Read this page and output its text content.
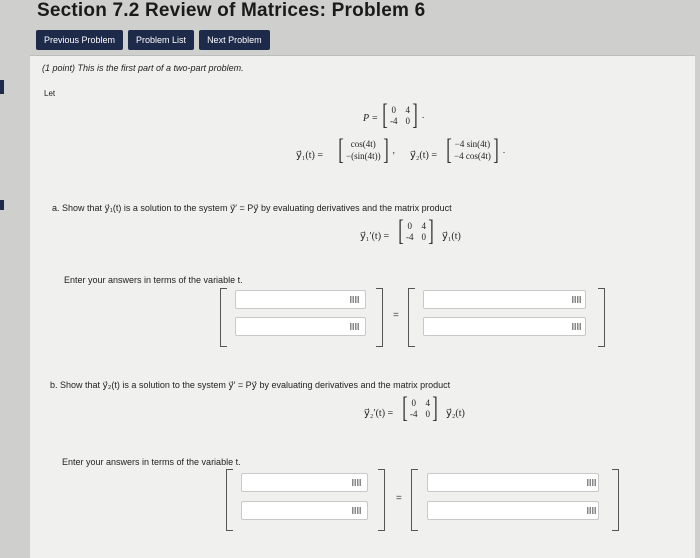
Section 7.2 Review of Matrices: Problem 6
Previous Problem	Problem List	Next Problem
(1 point) This is the first part of a two-part problem.
Let
P = [ 0 4
-4 0 ] .
y⃗₁(t) = [ cos(4t)
−(sin(4t)) ] , y⃗₂(t) = [ −4 sin(4t)
−4 cos(4t) ] .
a. Show that y⃗₁(t) is a solution to the system y⃗′ = Py⃗ by evaluating derivatives and the matrix product
y⃗₁′(t) = [ 0 4
-4 0 ] y⃗₁(t)
Enter your answers in terms of the variable t.
=
b. Show that y⃗₂(t) is a solution to the system y⃗′ = Py⃗ by evaluating derivatives and the matrix product
y⃗₂′(t) = [ 0 4
-4 0 ] y⃗₂(t)
Enter your answers in terms of the variable t.
=
